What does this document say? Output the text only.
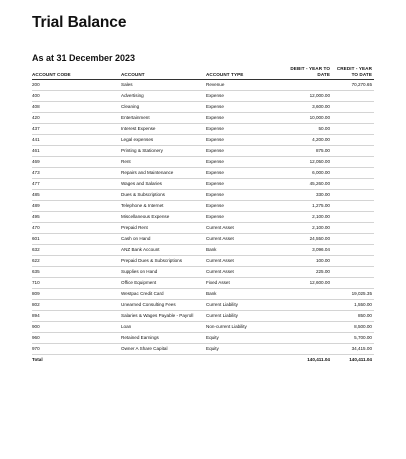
Trial Balance
As at 31 December 2023
ACCOUNT CODE	ACCOUNT	ACCOUNT TYPE	DEBIT - YEAR TO DATE	CREDIT - YEAR TO DATE
200	Sales	Revenue		70,270.65
400	Advertising	Expense	12,000.00	
408	Cleaning	Expense	3,600.00	
420	Entertainment	Expense	10,000.00	
437	Interest Expense	Expense	50.00	
441	Legal expenses	Expense	4,200.00	
461	Printing & Stationery	Expense	875.00	
469	Rent	Expense	12,050.00	
473	Repairs and Maintenance	Expense	6,000.00	
477	Wages and Salaries	Expense	45,260.00	
485	Dues & Subscriptions	Expense	330.00	
489	Telephone & Internet	Expense	1,275.00	
495	Miscellaneous Expense	Expense	2,100.00	
470	Prepaid Rent	Current Asset	2,100.00	
601	Cash on Hand	Current Asset	24,550.00	
632	ANZ Bank Account	Bank	3,096.04	
622	Prepaid Dues & Subscriptions	Current Asset	100.00	
635	Supplies on Hand	Current Asset	225.00	
710	Office Equipment	Fixed Asset	12,600.00	
809	Westpac Credit Card	Bank		19,025.35
802	Unearned Consulting Fees	Current Liability		1,550.00
894	Salaries & Wages Payable - Payroll	Current Liability		850.00
900	Loan	Non-current Liability		8,500.00
960	Retained Earnings	Equity		5,700.00
970	Owner A Share Capital	Equity		34,415.00
Total			140,411.04	140,411.04
